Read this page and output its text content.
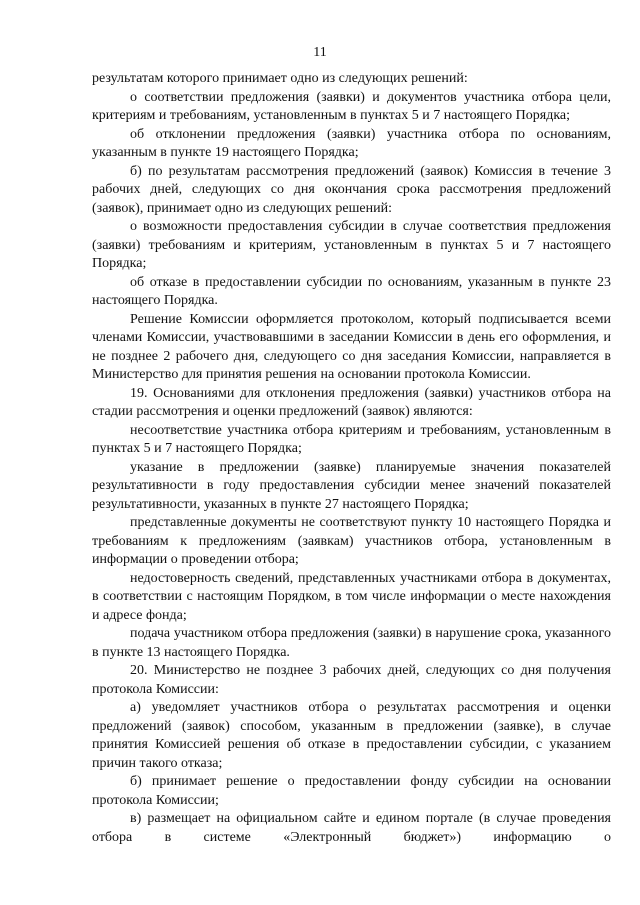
11

результатам которого принимает одно из следующих решений:

о соответствии предложения (заявки) и документов участника отбора цели, критериям и требованиям, установленным в пунктах 5 и 7 настоящего Порядка;

об отклонении предложения (заявки) участника отбора по основаниям, указанным в пункте 19 настоящего Порядка;

б) по результатам рассмотрения предложений (заявок) Комиссия в течение 3 рабочих дней, следующих со дня окончания срока рассмотрения предложений (заявок), принимает одно из следующих решений:

о возможности предоставления субсидии в случае соответствия предложения (заявки) требованиям и критериям, установленным в пунктах 5 и 7 настоящего Порядка;

об отказе в предоставлении субсидии по основаниям, указанным в пункте 23 настоящего Порядка.

Решение Комиссии оформляется протоколом, который подписывается всеми членами Комиссии, участвовавшими в заседании Комиссии в день его оформления, и не позднее 2 рабочего дня, следующего со дня заседания Комиссии, направляется в Министерство для принятия решения на основании протокола Комиссии.

19. Основаниями для отклонения предложения (заявки) участников отбора на стадии рассмотрения и оценки предложений (заявок) являются:

несоответствие участника отбора критериям и требованиям, установленным в пунктах 5 и 7 настоящего Порядка;

указание в предложении (заявке) планируемые значения показателей результативности в году предоставления субсидии менее значений показателей результативности, указанных в пункте 27 настоящего Порядка;

представленные документы не соответствуют пункту 10 настоящего Порядка и требованиям к предложениям (заявкам) участников отбора, установленным в информации о проведении отбора;

недостоверность сведений, представленных участниками отбора в документах, в соответствии с настоящим Порядком, в том числе информации о месте нахождения и адресе фонда;

подача участником отбора предложения (заявки) в нарушение срока, указанного в пункте 13 настоящего Порядка.

20. Министерство не позднее 3 рабочих дней, следующих со дня получения протокола Комиссии:

а) уведомляет участников отбора о результатах рассмотрения и оценки предложений (заявок) способом, указанным в предложении (заявке), в случае принятия Комиссией решения об отказе в предоставлении субсидии, с указанием причин такого отказа;

б) принимает решение о предоставлении фонду субсидии на основании протокола Комиссии;

в) размещает на официальном сайте и едином портале (в случае проведения отбора в системе «Электронный бюджет») информацию о
